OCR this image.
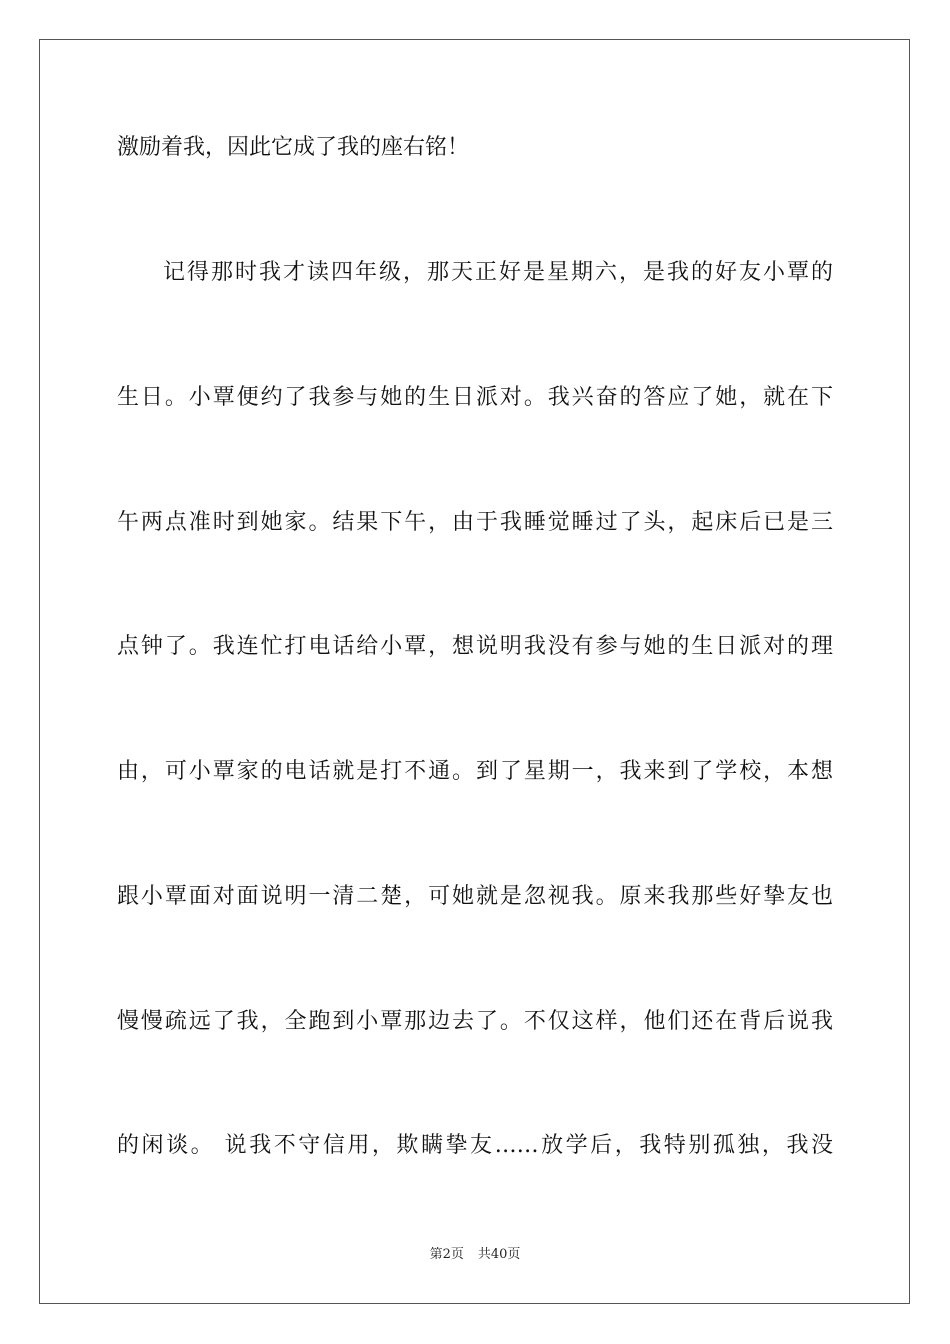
激励着我，因此它成了我的座右铭！
记得那时我才读四年级，那天正好是星期六，是我的好友小覃的
生日。小覃便约了我参与她的生日派对。我兴奋的答应了她，就在下
午两点准时到她家。结果下午，由于我睡觉睡过了头，起床后已是三
点钟了。我连忙打电话给小覃，想说明我没有参与她的生日派对的理
由，可小覃家的电话就是打不通。到了星期一，我来到了学校，本想
跟小覃面对面说明一清二楚，可她就是忽视我。原来我那些好挚友也
慢慢疏远了我，全跑到小覃那边去了。不仅这样，他们还在背后说我
的闲谈。 说我不守信用，欺瞒挚友……放学后，我特别孤独，我没
第2页 共40页
